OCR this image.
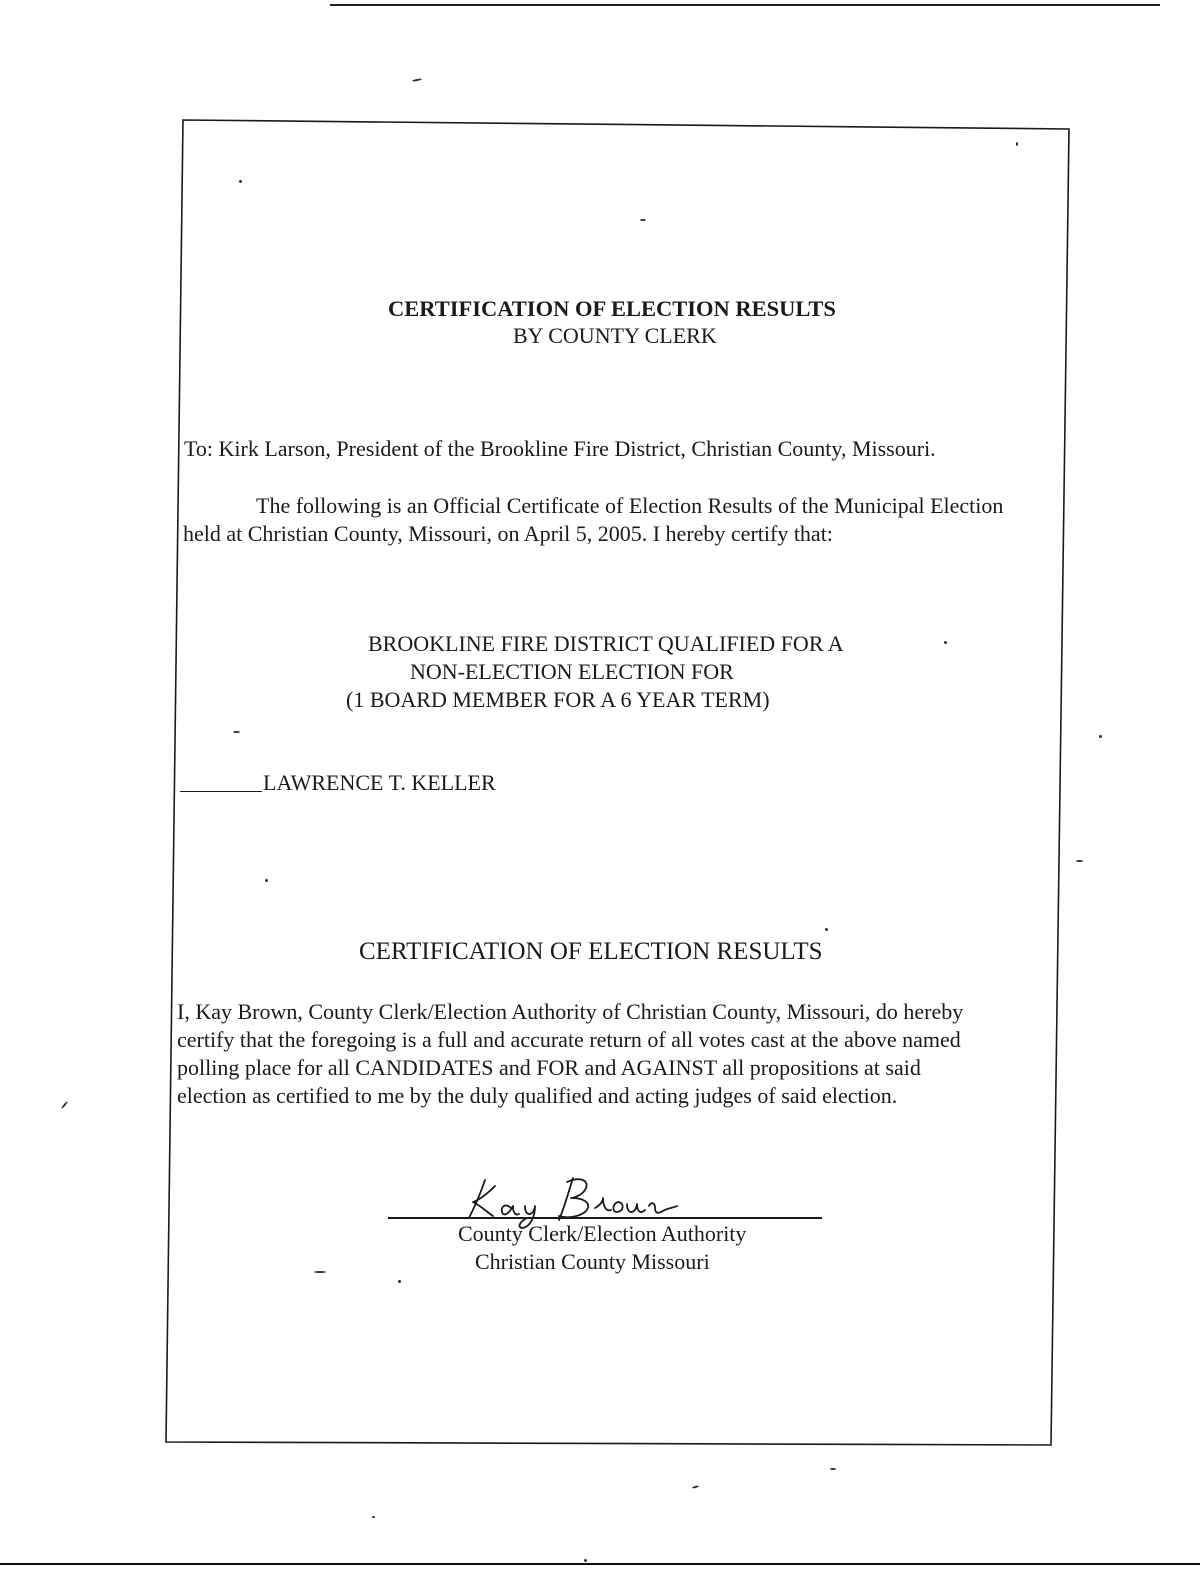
CERTIFICATION OF ELECTION RESULTS
BY COUNTY CLERK
To: Kirk Larson, President of the Brookline Fire District, Christian County, Missouri.
The following is an Official Certificate of Election Results of the Municipal Election
held at Christian County, Missouri, on April 5, 2005. I hereby certify that:
BROOKLINE FIRE DISTRICT QUALIFIED FOR A
NON-ELECTION ELECTION FOR
(1 BOARD MEMBER FOR A 6 YEAR TERM)
LAWRENCE T. KELLER
CERTIFICATION OF ELECTION RESULTS
I, Kay Brown, County Clerk/Election Authority of Christian County, Missouri, do hereby
certify that the foregoing is a full and accurate return of all votes cast at the above named
polling place for all CANDIDATES and FOR and AGAINST all propositions at said
election as certified to me by the duly qualified and acting judges of said election.
County Clerk/Election Authority
Christian County Missouri
